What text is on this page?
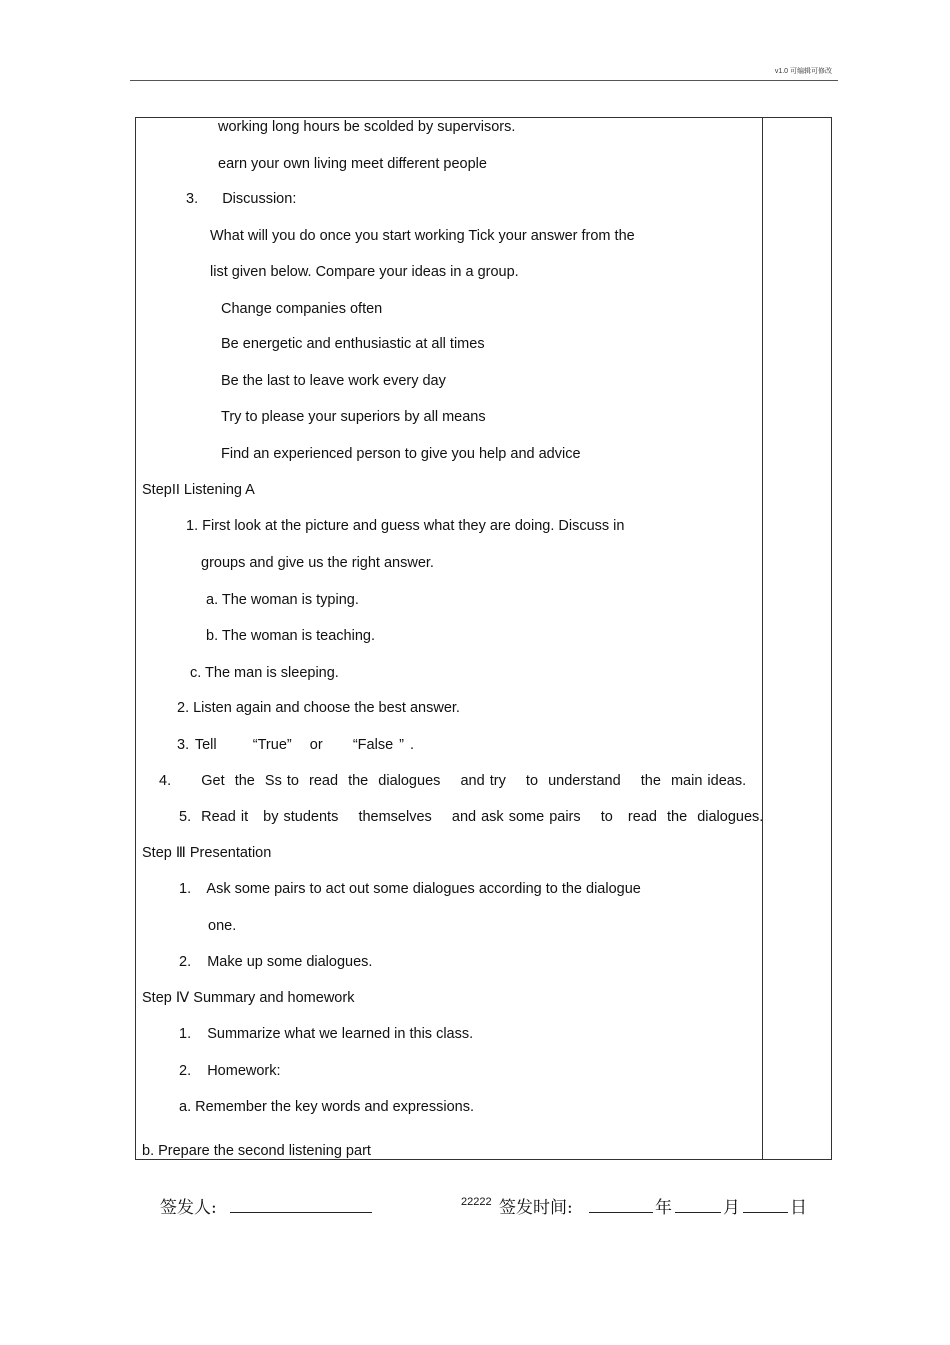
v1.0 可编辑可修改
working long hours be scolded by supervisors.
earn your own living meet different people
3.    Discussion:
What will you do once you start working Tick your answer from the
list given below. Compare your ideas in a group.
Change companies often
Be energetic and enthusiastic at all times
Be the last to leave work every day
Try to please your superiors by all means
Find an experienced person to give you help and advice
StepII Listening A
1. First look at the picture and guess what they are doing. Discuss in
groups and give us the right answer.
a. The woman is typing.
b. The woman is teaching.
c. The man is sleeping.
2. Listen again and choose the best answer.
3. Tell      “True”   or     “False ” .
4.      Get  the  Ss to  read  the  dialogues    and try    to  understand    the  main ideas.
5.  Read it   by students    themselves    and ask some pairs    to   read  the  dialogues.
Step Ⅲ Presentation
1.    Ask some pairs to act out some dialogues according to the dialogue
one.
2.    Make up some dialogues.
Step Ⅳ Summary and homework
1.    Summarize what we learned in this class.
2.    Homework:
a. Remember the key words and expressions.
b. Prepare the second listening part
签发人:	22222 签发时间:	年	月	日
